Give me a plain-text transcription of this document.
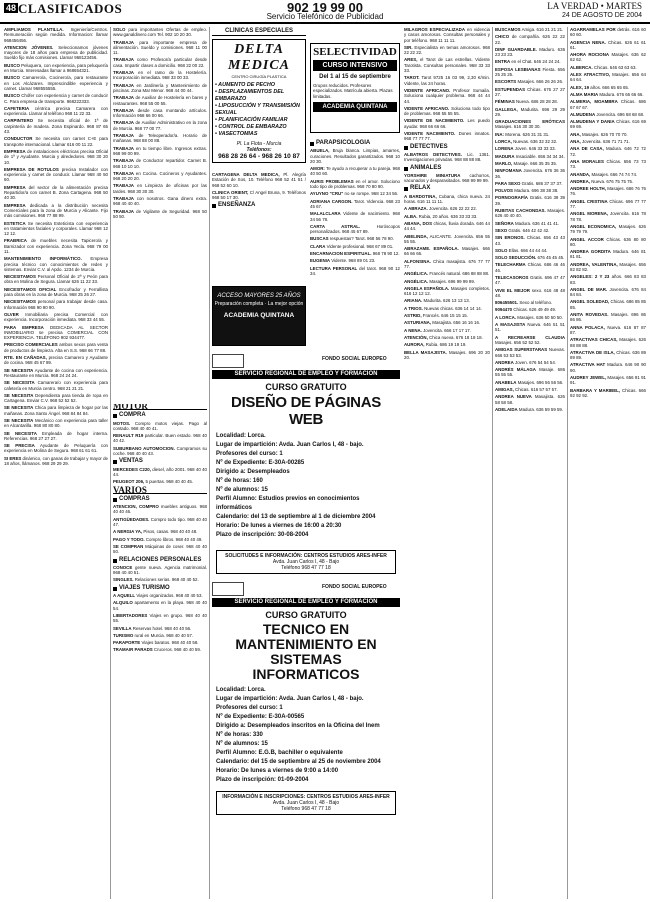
48 CLASIFICADOS	902 19 99 00
Servicio Telefónico de Publicidad
LA VERDAD • MARTES
24 DE AGOSTO DE 2004
AMPLIAMOS PLANTILLA. Ingeniería/Centros. Remuneración según medida. Informacion: llamar 968456456.
ATENCION JÓVENES. Seleccionamos jóvenes mayores de 18 años para empresa de publicidad. Sueldo fijo más comisiones. Llamar 968123456.
BUSCO Peluquera, con experiencia, para peluquería en Murcia. Interesadas llamar a 968654321.
BUSCO Camarero/a, Cocinero/a, para restaurante en Los Alcázares. Imprescindible experiencia y carnet. Llamar 968555555.
BUSCO Chófer con experiencia y carnet de conducir C. Para empresa de transporte. 968222333.
CAFETERIA céntrica precisa Camarera con experiencia. Llamar al teléfono 968 11 22 33.
CARPINTERO Se necesita oficial de 1ª de carpintería de madera. Zona Espinardo. 968 87 65 43.
CONDUCTOR Se necesita con carnet C+E para transporte internacional. Llamar 616 00 11 22.
EMPRESA de instalaciones eléctricas precisa Oficial de 1ª y Ayudante. Murcia y alrededores. 968 30 20 10.
EMPRESA DE ROTULOS precisa Instalador con experiencia y carnet de conducir. Llamar 968 40 50 60.
EMPRESA del sector de la alimentación precisa Repartidor/a con carnet B. Zona Cartagena. 968 50 40 30.
EMPRESA dedicada a la distribución necesita Comerciales para la zona de Murcia y Alicante. Fijo más comisiones. 968 77 88 99.
ESTETICA Se necesita Esteticista con experiencia en tratamientos faciales y corporales. Llamar 968 12 12 12.
FRABRICA de muebles necesita Tapicero/a y Barnizador con experiencia. Zona Yecla. 968 79 00 11.
MANTENIMIENTO INFORMÁTICO. Empresa precisa técnico con conocimientos de redes y sistemas. Enviar C.V. al Apdo. 1234 de Murcia.
NECESITAMOS Personal Oficial de 2ª y Peón para obra en Molina de Segura. Llamar 626 11 22 33.
NECESITAMOS OFICIAL Encofrador y Ferrallista para obras en la zona de Murcia. 968 25 26 27.
NECESITAMOS personal para trabajar desde casa. Información 968 90 90 90.
OLVER Inmobiliaria precisa Comercial con experiencia. Incorporación inmediata. 968 33 44 55.
PARA EMPRESA DEDICADA AL SECTOR INMOBILIARIO se precisa COMERCIAL CON EXPERIENCIA. TELÉFONO 902 934477.
PRECISO COMERCIALES ambos sexos para venta de productos de limpieza. Alta en S.S. 968 66 77 88.
RTE. EN CAÑADAS, precisa Camarero y Ayudante de cocina. 968 45 67 89.
SE NECESITA Ayudante de cocina con experiencia. Restaurante en Murcia. 968 24 24 24.
SE NECESITA Camarera/o con experiencia para cafetería en Murcia centro. 968 21 21 21.
SE NECESITA Dependienta para tienda de ropa en Cartagena. Enviar C.V. 968 52 52 52.
SE NECESITA Chica para limpieza de hogar por las mañanas. Zona Santo Ángel. 968 84 84 84.
SE NECESITA Mecánico con experiencia para taller en Alcantarilla. 968 80 80 80.
SE NECESITA Empleada de hogar interna. Referencias. 968 27 27 27.
SE PRECISA Ayudante de Peluquería con experiencia en Molina de Segura. 968 61 61 61.
SI ERES dinámico, con ganas de trabajar y mayor de 18 años, llámanos. 968 29 29 29.
SOLO para importantes Ofertas de empleo. www.ganaldinero.com Tel. 902 10 20 30.
TRABAJA para importante empresa de alimentación. Sueldo y comisiones. 968 11 00 11.
TRABAJA como Profesor/a particular desde casa. Impartir clases a domicilio. 968 22 00 22.
TRABAJA en el ramo de la Hostelería. Incorporación inmediata. 968 33 00 33.
TRABAJA en Jardinería y Mantenimiento de piscinas. Zona Mar Menor. 968 44 00 44.
TRABAJA de Auxiliar de Hostelería en bares y restaurantes. 968 55 00 55.
TRABAJA desde casa montando artículos. Información 968 66 00 66.
TRABAJA de Auxiliar Administrativo en la zona de Murcia. 968 77 00 77.
TRABAJA de Teleoperador/a. Horario de mañanas. 968 88 00 88.
TRABAJA en tu tiempo libre. Ingresos extras. 968 99 00 99.
TRABAJA de Conductor repartidor. Carnet B. 968 10 10 10.
TRABAJA en Cocina. Cocineros y Ayudantes. 968 20 20 20.
TRABAJA en Limpieza de oficinas por las tardes. 968 30 30 30.
TRABAJA con nosotros. Gana dinero extra. 968 40 40 40.
TRABAJA de Vigilante de Seguridad. 968 50 50 50.
CLÍNICAS ESPECIALES
DELTA MEDICA
CENTRO CIRUGÍA PLASTICA
• AUMENTO DE PECHO
• DESPLAZAMIENTOS DEL EMBARAZO
• LIPOSUCCIÓN Y TRANSMISIÓN SEXUAL
• PLANIFICACIÓN FAMILIAR
• CONTROL DE EMBARAZO
• VASECTOMIAS
Pl. La Flota - Murcia
Teléfonos:
968 28 26 64 - 968 26 10 87
CARTAGENA DELTA MEDICA, Pl. Alegría Estación de Sos, 10. Teléfono 968 52 41 51 / 968 52 60 10.
CLINICA ORIENT, C/ Angel Bruna, 9. Teléfonos 968 50 17 30.
ENSEÑANZA
ACCESO MAYORES 25 AÑOS
Preparación completa · La mejor opción
ACADEMIA QUINTANA
SELECTIVIDAD
CURSO INTENSIVO
Del 1 al 15 de septiembre
Grupos reducidos. Profesores especializados. Matrícula abierta. Plazas limitadas.
ACADEMIA QUINTANA
PARAPSICOLOGIA
ABUELA, Bruja blanca. Limpias, amarres, curaciones. Resultados garantizados. 968 10 20 30.
AMOR: Te ayudo a recuperar a tu pareja. 968 40 50 60.
AURIS PROBLEMAS en el amor. Soluciono todo tipo de problemas. 968 70 80 90.
AYUYNO "CRU" no se rompe. 968 12 34 56.
ADRIANA CARGON. Tarot. Videncia. 968 23 45 67.
MALALCLARA Vidente de nacimiento. 968 34 56 78.
CARTA ASTRAL. Horóscopos personalizados. 968 45 67 89.
BUSCAS respuestas? Tarot. 968 56 78 90.
CLARA Vidente profesional. 968 67 89 01.
ENCARNACION ESPIRITUAL. 968 78 90 12.
EUGENIA Vidente. 968 89 01 23.
LECTURA PERSONAL del tarot. 968 90 12 34.
MILAGROS ESPECIALIZADA en videncia y casos amorosos. Consultas personales y por teléfono. 968 11 11 11.
SIR. Especialista en temas amorosos. 968 22 22 22.
ARES, el Tarot de Las estrellas. Vidente Tarotista. Consultas personales. 968 33 33 33.
TAROT. Tarot 9725 16 03 99, 2,30 €/min. Vidente, las 24 horas.
VIDENTE AFRICANO. Profesor Sumaila. Soluciona cualquier problema. 968 44 44 44.
VIDENTE AFRICANO. Soluciona todo tipo de problemas. 968 55 55 55.
VIDENTE DE NACIMIENTO. Les puedo ayudar. 968 66 66 66.
VIDENTE NACIMIENTO. Dones innatos. 968 77 77 77.
DETECTIVES
ALBATROS DETECTIVES. Lic. 1361. Investigaciones privadas. 968 88 88 88.
ANIMALES
YORSHIRE MINIATURA cachorros, vacunados y desparasitados. 968 99 99 99.
RELAX
A BARDOTINA, Cubana, chica nueva. 24 horas. 616 11 11 11.
A ABRAZA. Jovencita. 626 22 22 22.
ALBA. Rubia, 20 años. 636 33 33 33.
ABANA, DOS chicas, lluvia dorada. 646 44 44 44.
ABELINDA, ALICANTE. Jovencita. 656 55 55 55.
ABRAZAME. ESPAÑOLA. Masajes. 666 66 66 66.
ALFONSINA. Chica masajista. 676 77 77 77.
ANGÉLICA. Francés natural. 686 88 88 88.
ANGÉLICA. Masajes. 696 99 99 99.
ANGELA ESPAÑOLA. Masajes completos. 616 12 12 12.
ARIANA. Madurita. 626 13 13 13.
A TRIOS. Nuevas chicas. 636 14 14 14.
ASTRID, Francés. 646 15 15 15.
ASTURIANA, Masajista. 656 16 16 16.
A NENA. Jovencita. 666 17 17 17.
ATENCIÓN, Chica nueva. 676 18 18 18.
AURORA, Rubia. 686 19 19 19.
BELLA MASAJISTA. Masajes. 696 20 20 20.
BUSCAMOS Amiga. 616 21 21 21.
CHICO de compañía. 626 22 22 22.
DINF GUARDABLE. Maduro. 636 23 23 23.
ENTRA en el Chat. 646 24 24 24.
ESPOSA LESBIANAS Fiesta. 656 25 25 25.
ESCORTS Masajes. 666 26 26 26.
ESTUPENDAS Chicas. 676 27 27 27.
FÉMINAS Nueva. 686 28 28 28.
GALLEGA, Madurita. 696 29 29 29.
GRADUACIONES ERÓTICAS Masajes. 616 30 30 30.
INA: Morena. 626 31 31 31.
LORCA, Nuevas. 636 32 32 32.
LORENA Joven. 646 33 33 33.
MADURA Insaciable. 656 34 34 34.
MARLO, Masaje. 666 35 35 35.
NINFOMANA Jovencita. 676 36 36 36.
PARA SEXO Gratis. 686 37 37 37.
POLVOS Madura. 696 38 38 38.
PORNOGRAFÍA Gratis. 616 39 39 39.
RUBITAS CACHONDAS. Masajes. 626 40 40 40.
SEÑORA Madura. 636 41 41 41.
SEXO Gratis. 646 42 42 42.
SIN ERONOS. Chicas. 656 43 43 43.
SOLO Ellas. 666 44 44 44.
SOLO SEDUCCIÓN. 676 45 45 45.
TELECHARMA Chicas. 686 46 46 46.
TELECASOROS Gratis. 696 47 47 47.
VIVE EL MEJOR sexo. 616 48 48 48.
806455501. Sexo al teléfono.
9094470 Chicas. 626 49 49 49.
A LORCA. Masajes. 636 50 50 50.
A MASAJISTA Nueva. 646 51 51 51.
A RECREARSE CLAUDIA Masajes. 656 52 52 52.
AMIGAS SUPERSTARAS Nuevas. 666 53 53 53.
ANDREA Joven. 676 54 54 54.
ANDRÉS MÁLAGA Masaje. 686 55 55 55.
ANABELA Masajes. 696 56 56 56.
AMIGAS, Chicas. 616 57 57 57.
ANDREA NUEVA Masajista. 626 58 58 58.
ADELAIDA Madura. 636 59 59 59.
AGARRAMELAS POR detrás. 616 60 60 60.
AGENCIA NENA. Chicas. 626 61 61 61.
AHORA ROCIONA Masajes. 636 62 62 62.
ALBERCA. Chicas. 646 63 63 63.
ALEX ATRACTIVO, Masajes. 656 64 64 64.
ALEX, 19 años. 666 65 65 65.
ALMA MARIA Madura. 676 66 66 66.
ALMERIA, MOAMBRA Chicas. 686 67 67 67.
ALMUDENA Jovencita. 696 68 68 68.
ALMUDENA Y DANIA Chicas. 616 69 69 69.
ANA, Masajes. 626 70 70 70.
ANA, Jovencita. 636 71 71 71.
ANA DE CASA, Madura. 646 72 72 72.
ANA MORALES Chicas. 656 73 73 73.
ANANDA, Masajes. 666 74 74 74.
ANDREA, Nueva. 676 75 75 75.
ANDREE HOLTH, Masajes. 686 76 76 76.
ANGEL CRISTINA Chicas. 696 77 77 77.
ANGEL MORENA, Jovencita. 616 78 78 78.
ANGEL ECONOMICA, Masajes. 626 79 79 79.
ANGEL ACCOR Chicas. 636 80 80 80.
ANDREA GORDITA Madura. 646 81 81 81.
ANDREA, VALENTINA, Masajes. 656 82 82 82.
ANGELES: 2 Y 23 años. 666 83 83 83.
ANGEL DE MAR. Jovencita. 676 84 84 84.
ANGEL SOLEDAD, Chicas. 686 85 85 85.
ANITA ROVEDAS. Masajes. 696 86 86 86.
ANNA POLACA, Nueva. 616 87 87 87.
ATRACTIVAS CHICAS, Masajes. 626 88 88 88.
ATRACTIVA DE ISLA, Chicas. 636 89 89 89.
ATRACTIVA HAT Madura. 646 90 90 90.
AUDREY JEWEL, Masajes. 656 91 91 91.
BARBARA Y MARIBEL, Chicas. 666 92 92 92.
MOTOR
COMPRA
MOTOS. Compro motos viejas. Pago al contado. 968 40 40 41.
RENAULT R19 particular. Buen estado. 968 40 40 42.
SUBURBANO AUTOMOCION. Compramos su coche. 968 40 40 43.
VENTAS
MERCEDES C220, diesel, año 2001. 968 40 40 44.
PEUGEOT 206, 5 puertas. 968 40 40 45.
VARIOS
COMPRAS
ATENCION, COMPRO muebles antiguos. 968 40 40 46.
ANTIGÜEDADES. Compro todo tipo. 968 40 40 47.
A NERGIA YA, Pisos, casas. 968 40 40 48.
PAGO Y TODO. Compro libros. 968 40 40 49.
SE COMPRAN Máquinas de coser. 968 40 40 50.
RELACIONES PERSONALES
CONOCE gente nueva. Agencia matrimonial. 968 40 40 51.
SINGLES. Relaciones serias. 968 40 40 52.
VIAJES TURISMO
A AQUELL Viajes organizados. 968 40 40 53.
ALQUILO apartamento en la playa. 968 40 40 54.
LIBERTADORES Viajes en grupo. 968 40 40 55.
SEVILLA Reservas hotel. 968 40 40 56.
TURISMO rural en Murcia. 968 40 40 57.
PARAPORTE Viajes baratos. 968 40 40 58.
TRAMAIR PARADS Cruceros. 968 40 40 59.
FONDO SOCIAL EUROPEO
SERVICIO REGIONAL DE EMPLEO Y FORMACIÓN
CURSO GRATUITO
DISEÑO DE PÁGINAS WEB
Localidad: Lorca.
Lugar de impartición: Avda. Juan Carlos I, 48 - bajo.
Profesores del curso: 1
Nº de Expediente: E-30A-00285
Dirigido a: Desempleados
Nº de horas: 160
Nº de alumnos: 15
Perfil Alumno: Estudios previos en conocimientos informáticos
Calendario: del 13 de septiembre al 1 de diciembre 2004
Horario: De lunes a viernes de 16:00 a 20:30
Plazo de inscripción: 30-08-2004
SOLICITUDES E INFORMACIÓN: CENTROS ESTUDIOS ARES-INFER
Avda. Juan Carlos I, 48 - Bajo
Teléfono 968 47 77 18
FONDO SOCIAL EUROPEO
SERVICIO REGIONAL DE EMPLEO Y FORMACIÓN
CURSO GRATUITO
TECNICO EN MANTENIMIENTO EN SISTEMAS INFORMATICOS
Localidad: Lorca.
Lugar de impartición: Avda. Juan Carlos I, 48 - bajo.
Profesores del curso: 1
Nº de Expediente: E-30A-00565
Dirigido a: Desempleados inscritos en la Oficina del Inem
Nº de horas: 330
Nº de alumnos: 15
Perfil Alumno: E.G.B, bachiller o equivalente
Calendario: del 15 de septiembre al 25 de noviembre 2004
Horario: De lunes a viernes de 9:00 a 14:00
Plazo de inscripción: 01-09-2004
INFORMACIÓN E INSCRIPCIONES: CENTROS ESTUDIOS ARES-INFER
Avda. Juan Carlos I, 48 - Bajo
Teléfono 968 47 77 18
